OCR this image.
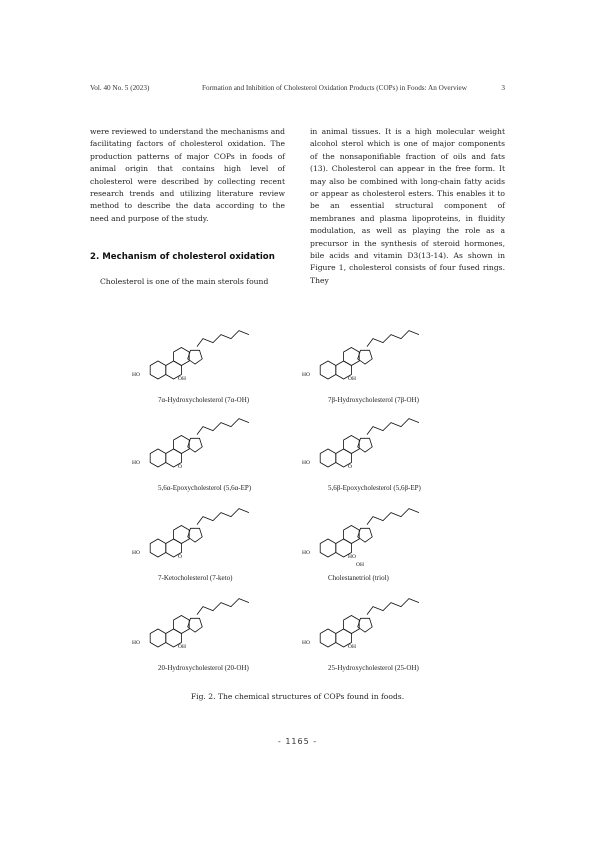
Vol. 40 No. 5 (2023)	Formation and Inhibition of Cholesterol Oxidation Products (COPs) in Foods: An Overview	3

were reviewed to understand the mechanisms and facilitating factors of cholesterol oxidation. The production patterns of major COPs in foods of animal origin that contains high level of cholesterol were described by collecting recent research trends and utilizing literature review method to describe the data according to the need and purpose of the study.

2. Mechanism of cholesterol oxidation

Cholesterol is one of the main sterols found

in animal tissues. It is a high molecular weight alcohol sterol which is one of major components of the nonsaponifiable fraction of oils and fats (13). Cholesterol can appear in the free form. It may also be combined with long-chain fatty acids or appear as cholesterol esters. This enables it to be an essential structural component of membranes and plasma lipoproteins, in fluidity modulation, as well as playing the role as a precursor in the synthesis of steroid hormones, bile acids and vitamin D3(13-14). As shown in Figure 1, cholesterol consists of four fused rings. They

HO
OH
7α-Hydroxycholesterol (7α-OH)
HO
OH
7β-Hydroxycholesterol (7β-OH)
HO
O
5,6α-Epoxycholesterol (5,6α-EP)
HO
O
5,6β-Epoxycholesterol (5,6β-EP)
HO
O
7-Ketocholesterol (7-keto)
HO
HO
OH
Cholestanetriol (triol)
HO
OH
20-Hydroxycholesterol (20-OH)
HO
OH
25-Hydroxycholesterol (25-OH)
Fig. 2. The chemical structures of COPs found in foods.
- 1165 -
